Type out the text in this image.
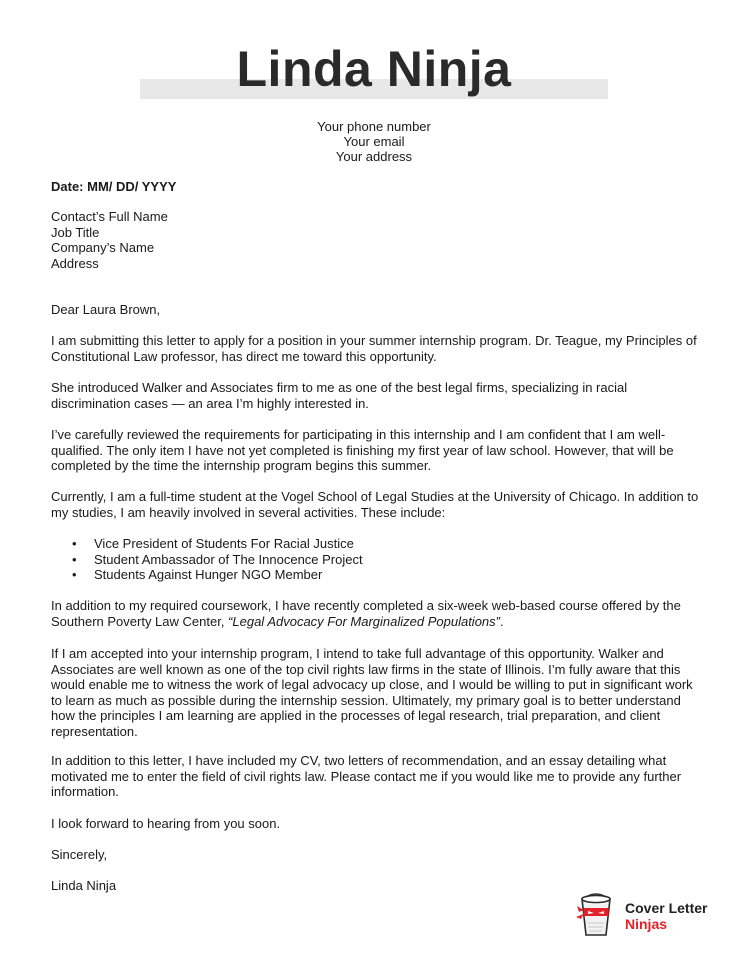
Linda Ninja
Your phone number
Your email
Your address
Date: MM/ DD/ YYYY
Contact’s Full Name
Job Title
Company’s Name
Address
Dear Laura Brown,
I am submitting this letter to apply for a position in your summer internship program. Dr. Teague, my Principles of Constitutional Law professor, has direct me toward this opportunity.
She introduced Walker and Associates firm to me as one of the best legal firms, specializing in racial discrimination cases — an area I’m highly interested in.
I’ve carefully reviewed the requirements for participating in this internship and I am confident that I am well-qualified. The only item I have not yet completed is finishing my first year of law school. However, that will be completed by the time the internship program begins this summer.
Currently, I am a full-time student at the Vogel School of Legal Studies at the University of Chicago. In addition to my studies, I am heavily involved in several activities. These include:
• Vice President of Students For Racial Justice
• Student Ambassador of The Innocence Project
• Students Against Hunger NGO Member
In addition to my required coursework, I have recently completed a six-week web-based course offered by the Southern Poverty Law Center, “Legal Advocacy For Marginalized Populations”.
If I am accepted into your internship program, I intend to take full advantage of this opportunity. Walker and Associates are well known as one of the top civil rights law firms in the state of Illinois. I’m fully aware that this would enable me to witness the work of legal advocacy up close, and I would be willing to put in significant work to learn as much as possible during the internship session. Ultimately, my primary goal is to better understand how the principles I am learning are applied in the processes of legal research, trial preparation, and client representation.
In addition to this letter, I have included my CV, two letters of recommendation, and an essay detailing what motivated me to enter the field of civil rights law. Please contact me if you would like me to provide any further information.
I look forward to hearing from you soon.
Sincerely,
Linda Ninja
Cover Letter
Ninjas
